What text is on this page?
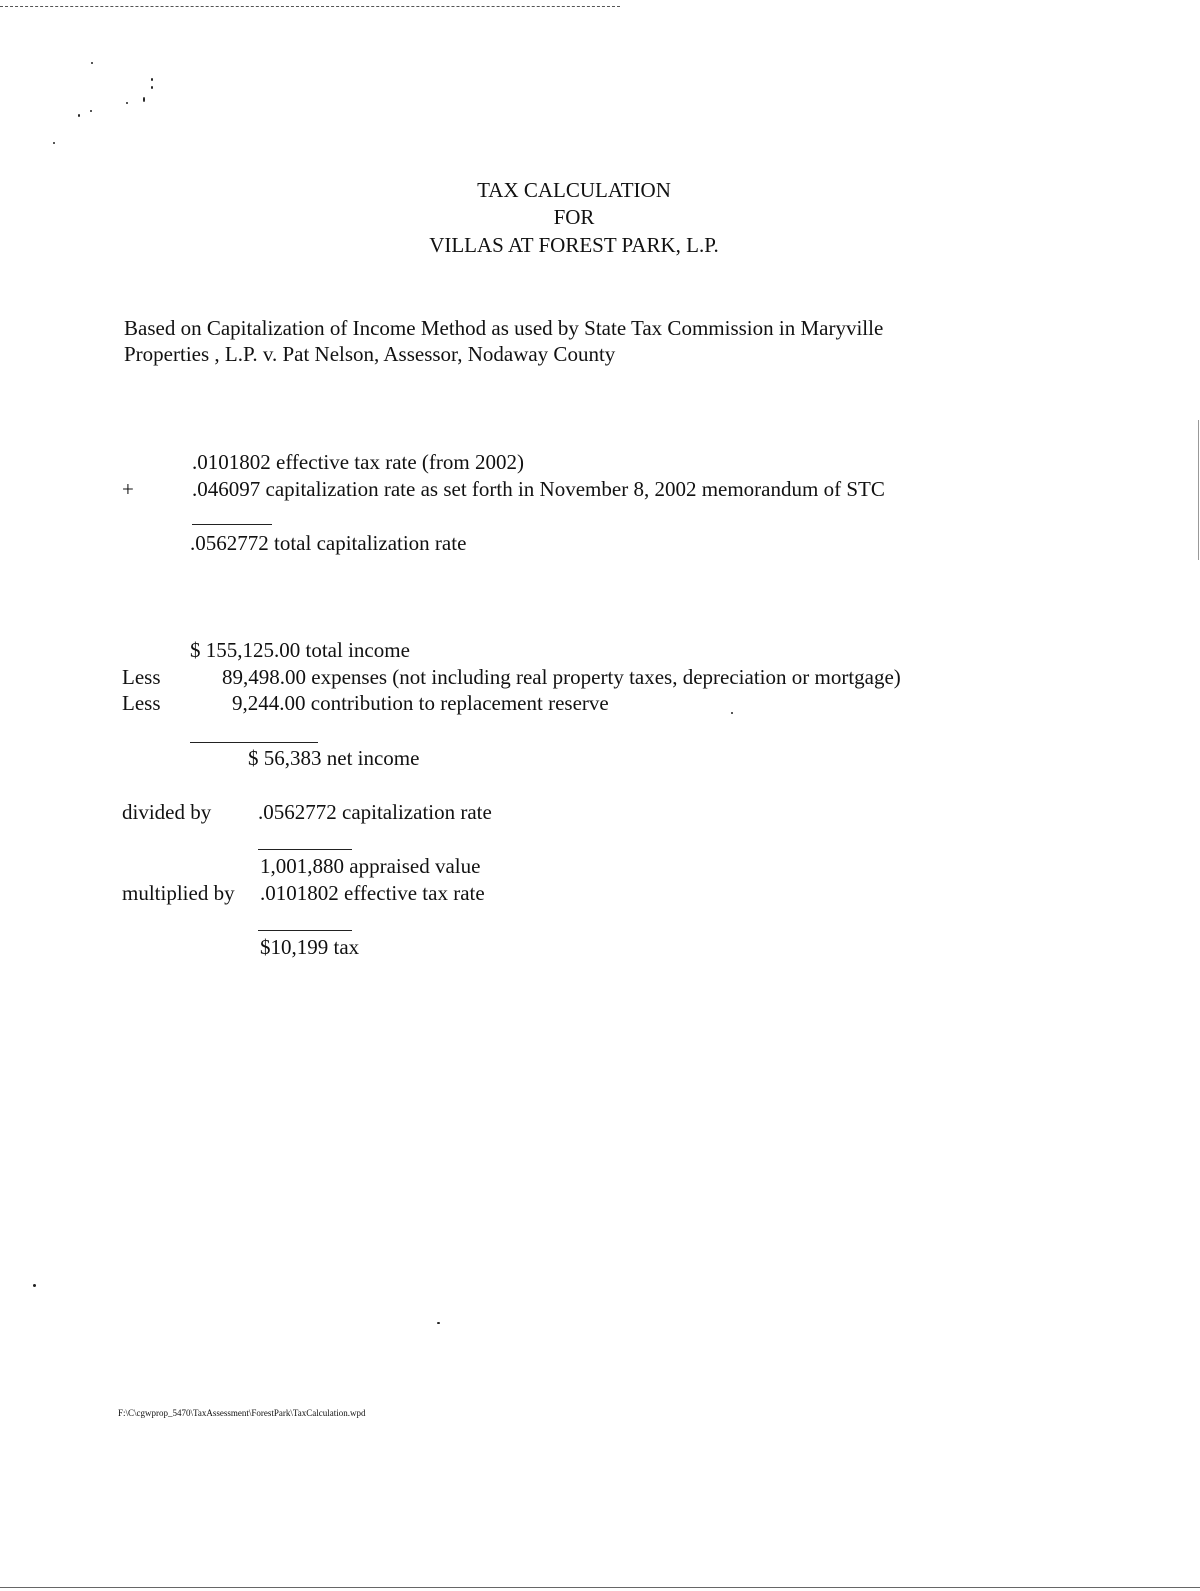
TAX CALCULATION
FOR
VILLAS AT FOREST PARK, L.P.
Based on Capitalization of Income Method as used by State Tax Commission in Maryville
Properties , L.P. v. Pat Nelson, Assessor, Nodaway County
.0101802 effective tax rate (from 2002)
+	.046097 capitalization rate as set forth in November 8, 2002 memorandum of STC
.0562772 total capitalization rate
$ 155,125.00 total income
Less	89,498.00 expenses (not including real property taxes, depreciation or mortgage)
Less	9,244.00 contribution to replacement reserve
$ 56,383 net income
divided by .0562772 capitalization rate
1,001,880 appraised value
multiplied by .0101802 effective tax rate
$10,199 tax
F:\C\cgwprop_5470\TaxAssessment\ForestPark\TaxCalculation.wpd
